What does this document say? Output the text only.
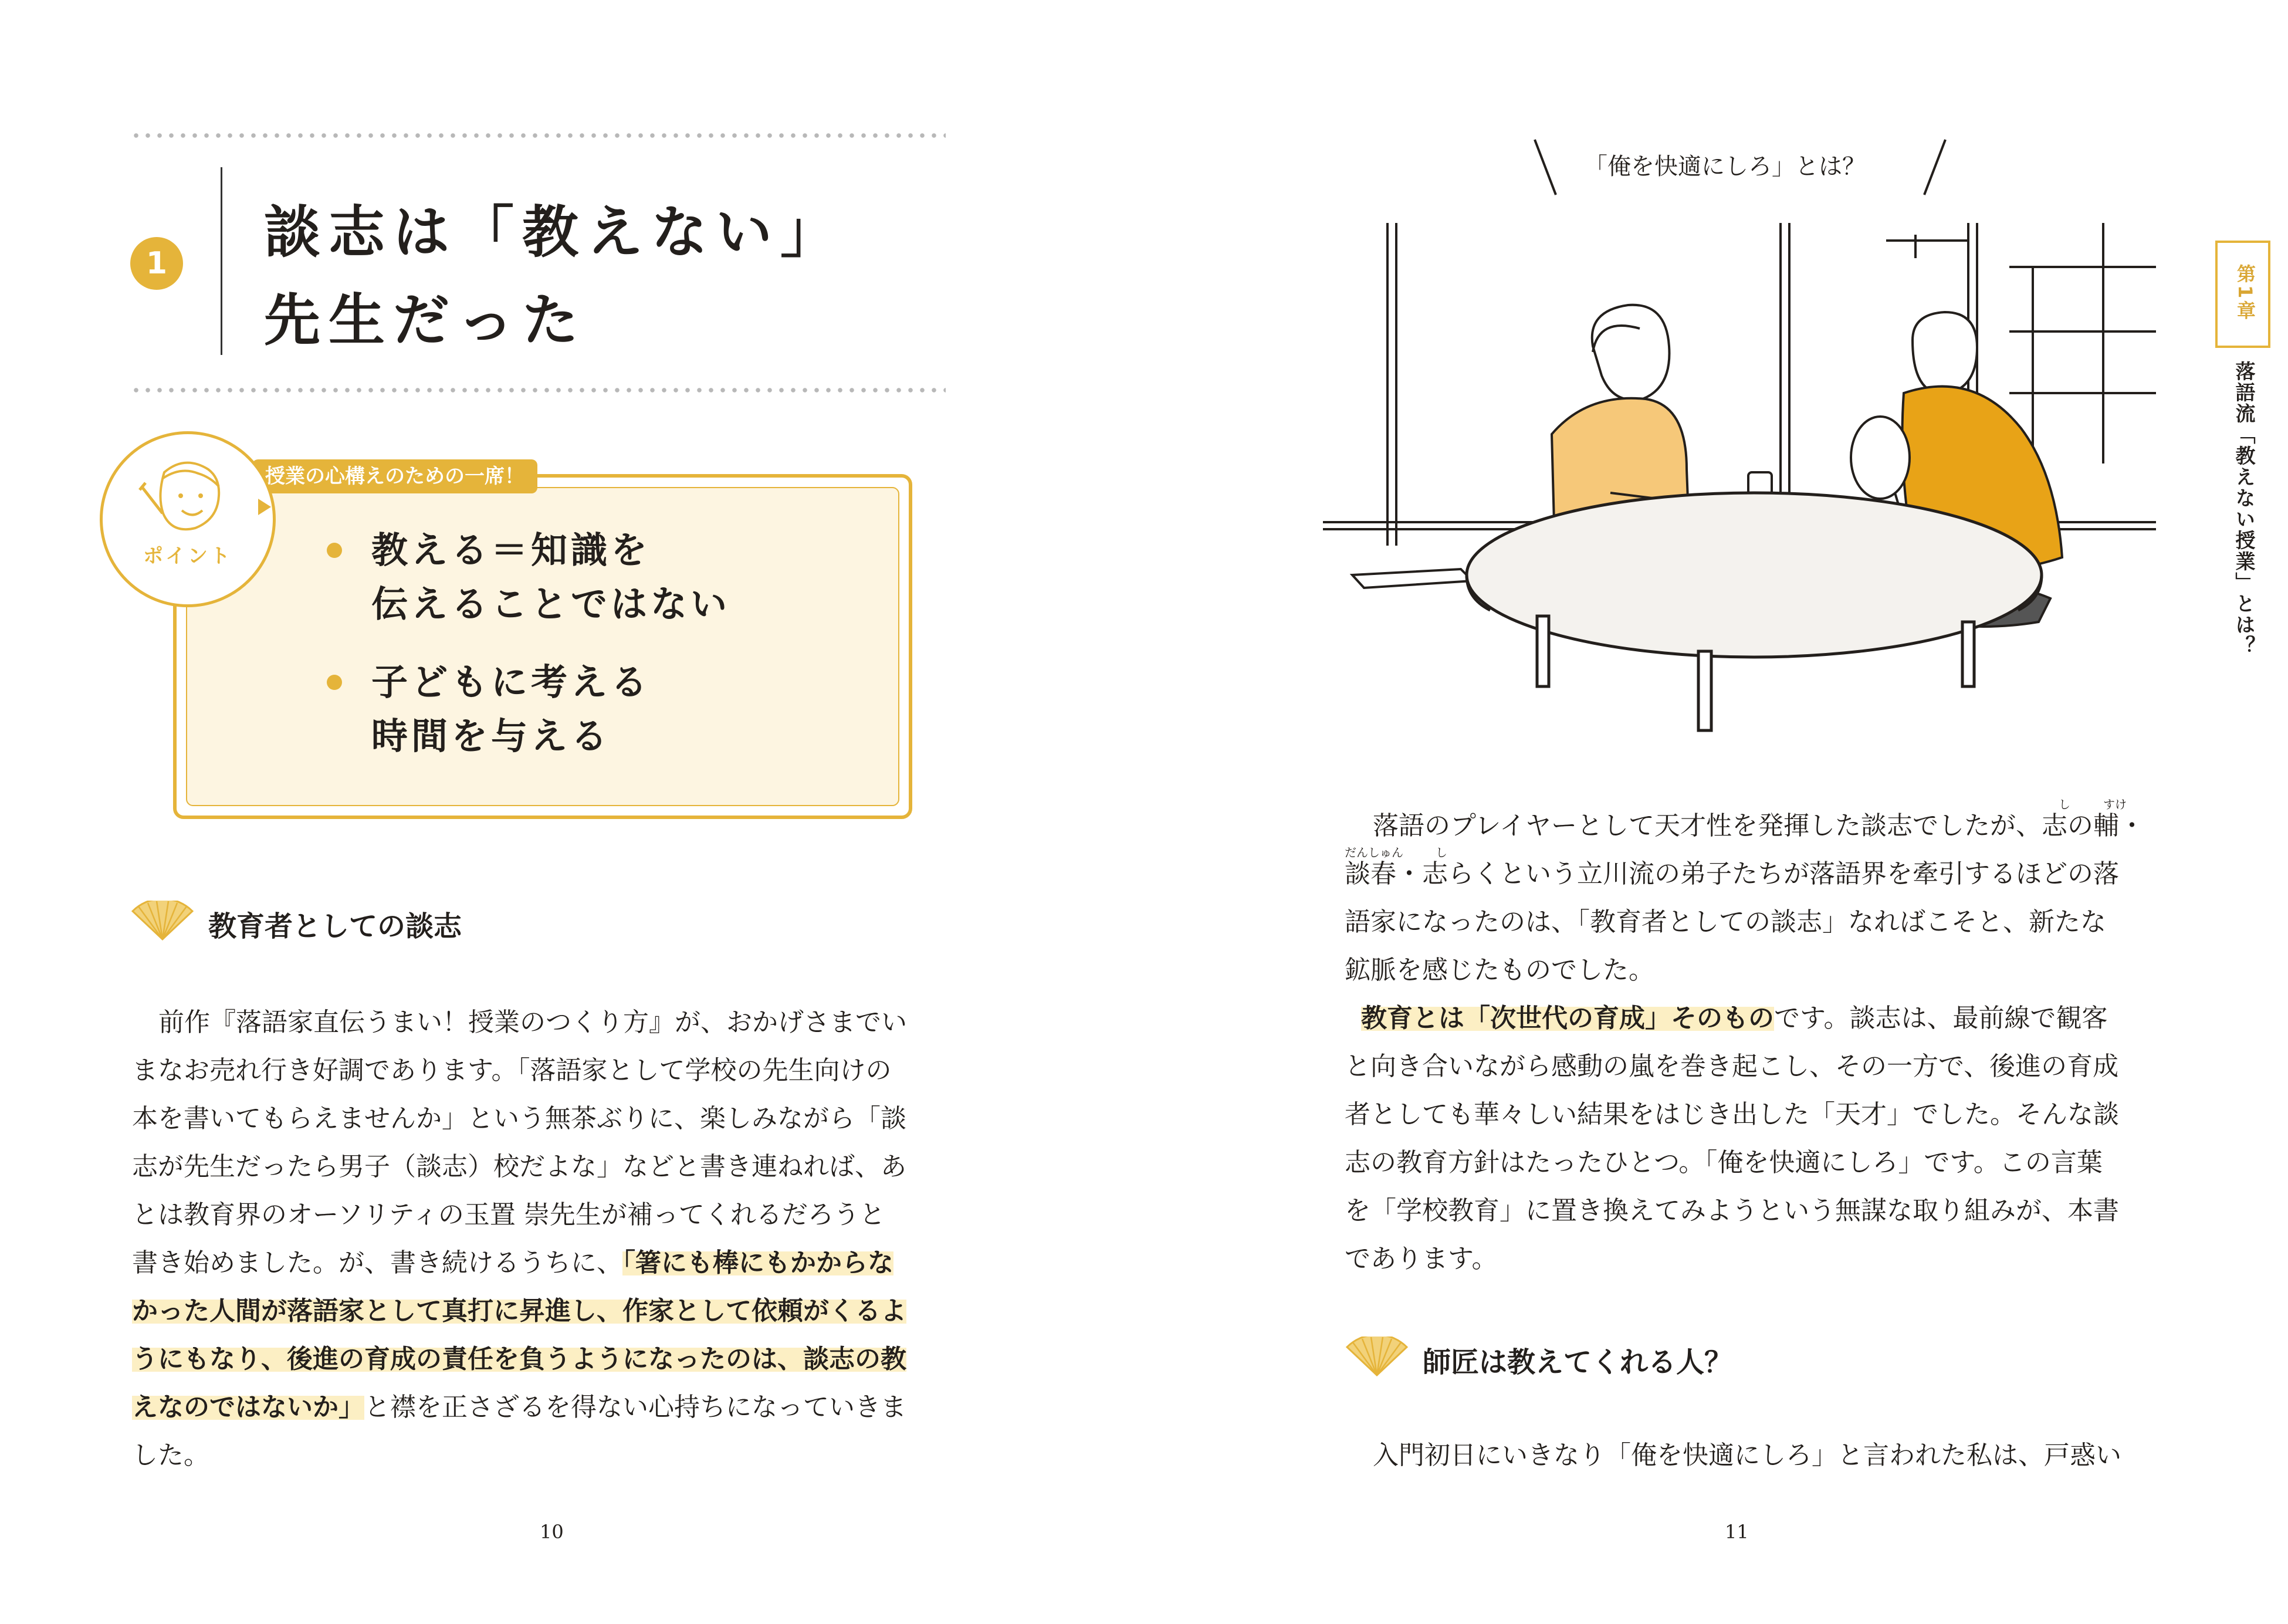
1 談志は「教えない」
先生だった
授業の心構えのための一席！
ポイント	教える＝知識を
伝えることではない
子どもに考える
時間を与える
教育者としての談志
前作『落語家直伝うまい！授業のつくり方』が、おかげさまでい
まなお売れ行き好調であります。「落語家として学校の先生向けの
本を書いてもらえませんか」という無茶ぶりに、楽しみながら「談
志が先生だったら男子（談志）校だよな」などと書き連ねれば、あ
とは教育界のオーソリティの玉置 崇先生が補ってくれるだろうと
書き始めました。が、書き続けるうちに、「箸にも棒にもかからな
かった人間が落語家として真打に昇進し、作家として依頼がくるよ
うにもなり、後進の育成の責任を負うようになったのは、談志の教
えなのではないか」と襟を正さざるを得ない心持ちになっていきま
した。
10
「俺を快適にしろ」とは？
し	すけ
だんしゅん	し
落語のプレイヤーとして天才性を発揮した談志でしたが、志の輔・
談春・志らくという立川流の弟子たちが落語界を牽引するほどの落
語家になったのは、「教育者としての談志」なればこそと、新たな
鉱脈を感じたものでした。
教育とは「次世代の育成」そのものです。談志は、最前線で観客
と向き合いながら感動の嵐を巻き起こし、その一方で、後進の育成
者としても華々しい結果をはじき出した「天才」でした。そんな談
志の教育方針はたったひとつ。「俺を快適にしろ」です。この言葉
を「学校教育」に置き換えてみようという無謀な取り組みが、本書
であります。
師匠は教えてくれる人？
入門初日にいきなり「俺を快適にしろ」と言われた私は、戸惑い
11
第1章
落語流「教えない授業」とは？
